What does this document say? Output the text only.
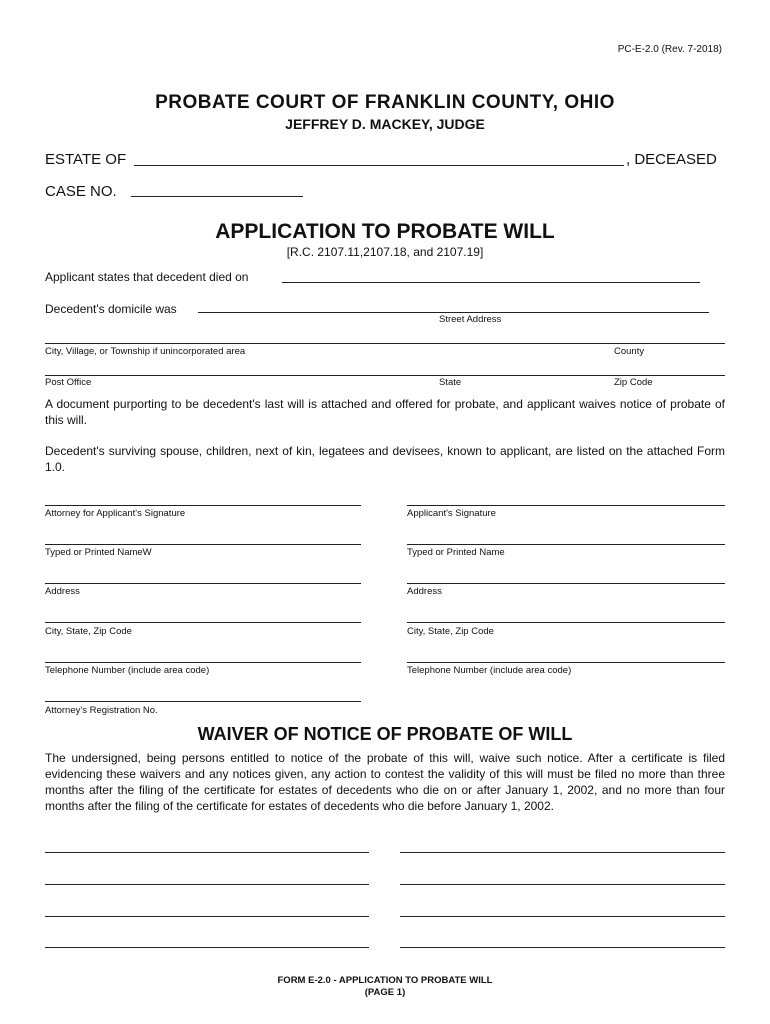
PC-E-2.0 (Rev. 7-2018)
PROBATE COURT OF FRANKLIN COUNTY, OHIO
JEFFREY D. MACKEY, JUDGE
ESTATE OF	, DECEASED
CASE NO.
APPLICATION TO PROBATE WILL
[R.C. 2107.11,2107.18, and 2107.19]
Applicant states that decedent died on
Decedent's domicile was
Street Address
City, Village, or Township if unincorporated area	County
Post Office	State	Zip Code
A document purporting to be decedent's last will is attached and offered for probate, and applicant waives notice of probate of this will.
Decedent's surviving spouse, children, next of kin, legatees and devisees, known to applicant, are listed on the attached Form 1.0.
Attorney for Applicant's Signature
Typed or Printed NameW
Address
City, State, Zip Code
Telephone Number (include area code)
Attorney's Registration No.
Applicant's Signature
Typed or Printed Name
Address
City, State, Zip Code
Telephone Number (include area code)
WAIVER OF NOTICE OF PROBATE OF WILL
The undersigned, being persons entitled to notice of the probate of this will, waive such notice. After a certificate is filed evidencing these waivers and any notices given, any action to contest the validity of this will must be filed no more than three months after the filing of the certificate for estates of decedents who die on or after January 1, 2002, and no more than four months after the filing of the certificate for estates of decedents who die before January 1, 2002.
FORM E-2.0 - APPLICATION TO PROBATE WILL
(PAGE 1)
